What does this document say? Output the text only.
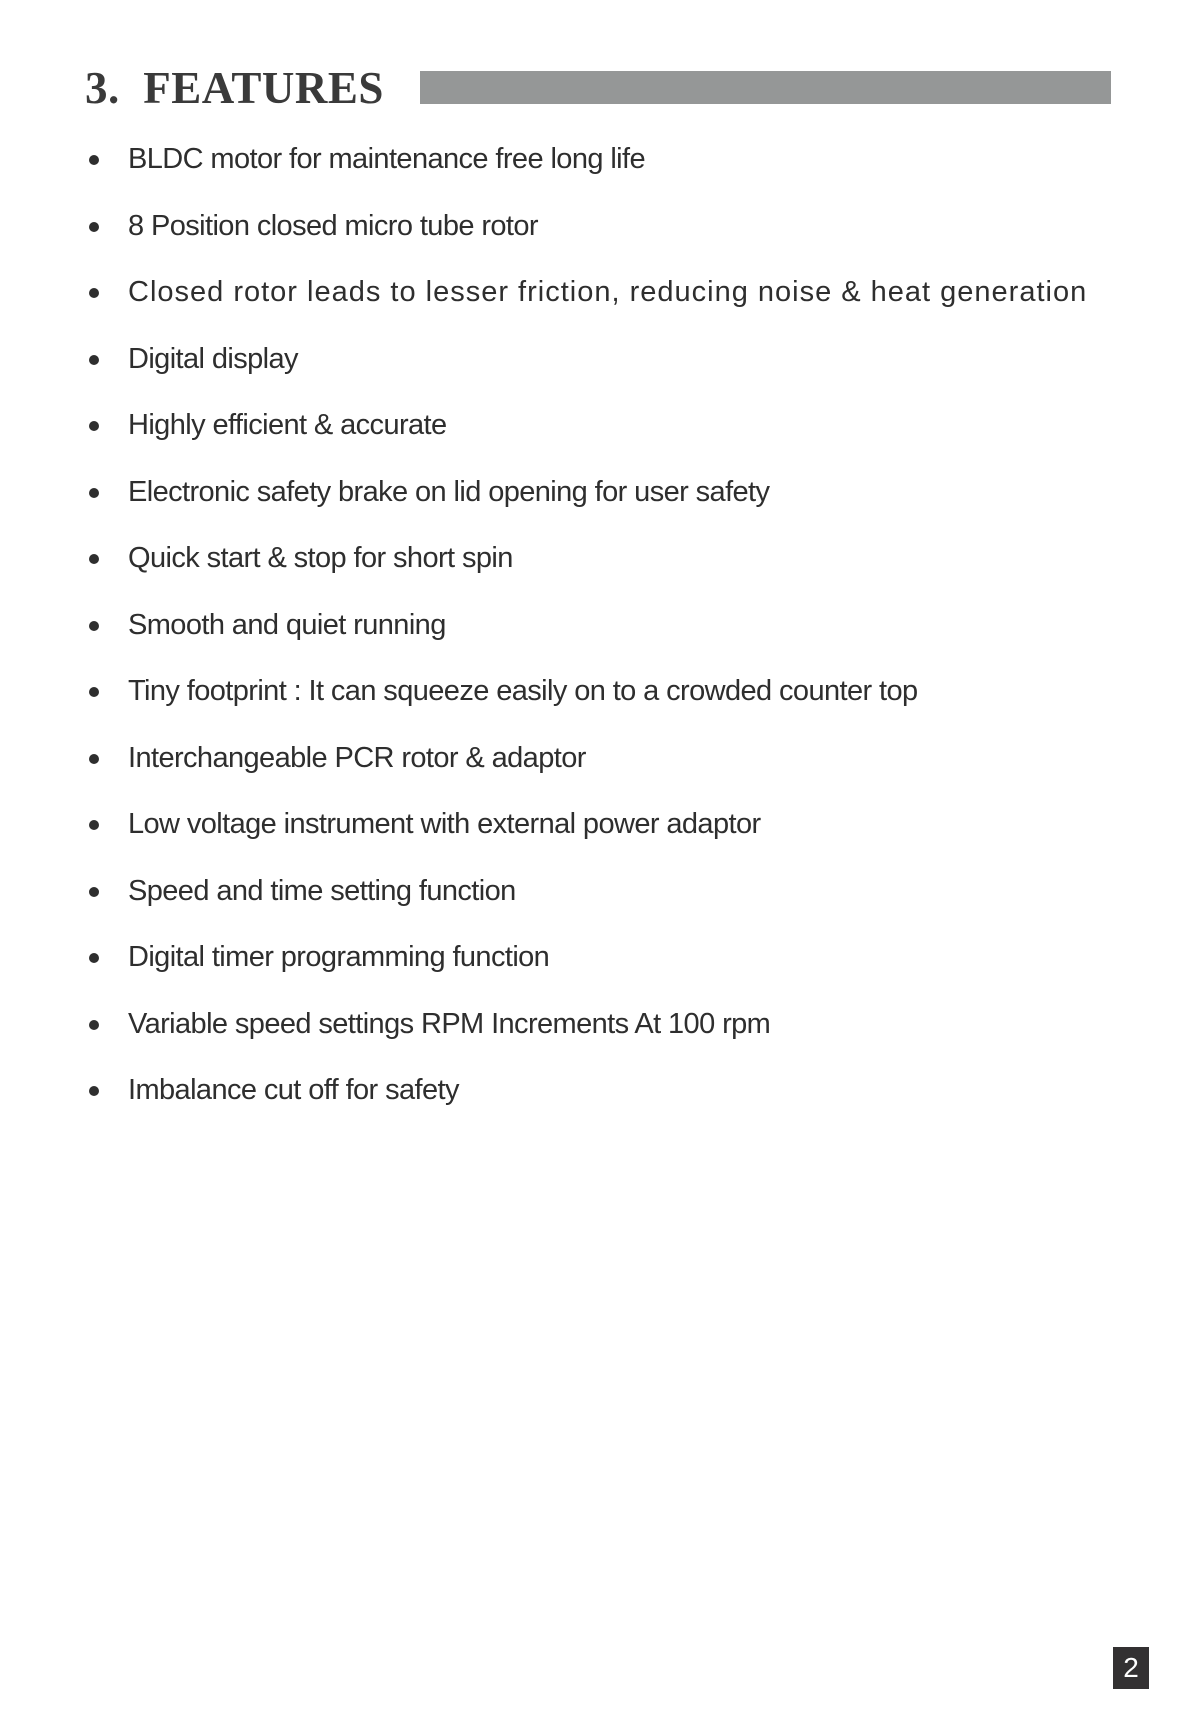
3.  FEATURES
BLDC motor for maintenance free long life
8 Position closed micro tube rotor
Closed rotor leads to lesser friction, reducing noise & heat generation
Digital display
Highly efficient & accurate
Electronic safety brake on lid opening for user safety
Quick start & stop for short spin
Smooth and quiet running
Tiny footprint : It can squeeze easily on to a crowded counter top
Interchangeable PCR rotor & adaptor
Low voltage instrument with external power adaptor
Speed and time setting function
Digital timer programming function
Variable speed settings RPM Increments At 100 rpm
Imbalance cut off for safety
2
